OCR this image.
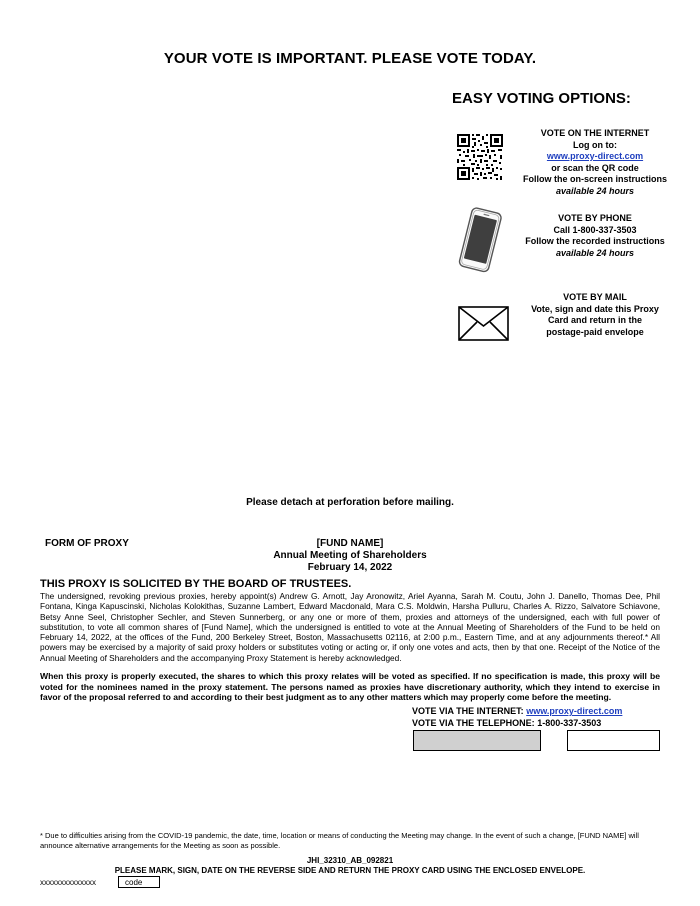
YOUR VOTE IS IMPORTANT. PLEASE VOTE TODAY.
EASY VOTING OPTIONS:
VOTE ON THE INTERNET
Log on to:
www.proxy-direct.com
or scan the QR code
Follow the on-screen instructions
available 24 hours
VOTE BY PHONE
Call 1-800-337-3503
Follow the recorded instructions
available 24 hours
VOTE BY MAIL
Vote, sign and date this Proxy
Card and return in the
postage-paid envelope
Please detach at perforation before mailing.
FORM OF PROXY	[FUND NAME]
Annual Meeting of Shareholders
February 14, 2022
THIS PROXY IS SOLICITED BY THE BOARD OF TRUSTEES.
The undersigned, revoking previous proxies, hereby appoint(s) Andrew G. Arnott, Jay Aronowitz, Ariel Ayanna, Sarah M. Coutu, John J. Danello, Thomas Dee, Phil Fontana, Kinga Kapuscinski, Nicholas Kolokithas, Suzanne Lambert, Edward Macdonald, Mara C.S. Moldwin, Harsha Pulluru, Charles A. Rizzo, Salvatore Schiavone, Betsy Anne Seel, Christopher Sechler, and Steven Sunnerberg, or any one or more of them, proxies and attorneys of the undersigned, each with full power of substitution, to vote all common shares of [Fund Name], which the undersigned is entitled to vote at the Annual Meeting of Shareholders of the Fund to be held on February 14, 2022, at the offices of the Fund, 200 Berkeley Street, Boston, Massachusetts 02116, at 2:00 p.m., Eastern Time, and at any adjournments thereof.* All powers may be exercised by a majority of said proxy holders or substitutes voting or acting or, if only one votes and acts, then by that one. Receipt of the Notice of the Annual Meeting of Shareholders and the accompanying Proxy Statement is hereby acknowledged.
When this proxy is properly executed, the shares to which this proxy relates will be voted as specified. If no specification is made, this proxy will be voted for the nominees named in the proxy statement. The persons named as proxies have discretionary authority, which they intend to exercise in favor of the proposal referred to and according to their best judgment as to any other matters which may properly come before the meeting.
VOTE VIA THE INTERNET: www.proxy-direct.com
VOTE VIA THE TELEPHONE: 1-800-337-3503
* Due to difficulties arising from the COVID-19 pandemic, the date, time, location or means of conducting the Meeting may change. In the event of such a change, [FUND NAME] will announce alternative arrangements for the Meeting as soon as possible.
JHI_32310_AB_092821
PLEASE MARK, SIGN, DATE ON THE REVERSE SIDE AND RETURN THE PROXY CARD USING THE ENCLOSED ENVELOPE.
xxxxxxxxxxxxxx	code
